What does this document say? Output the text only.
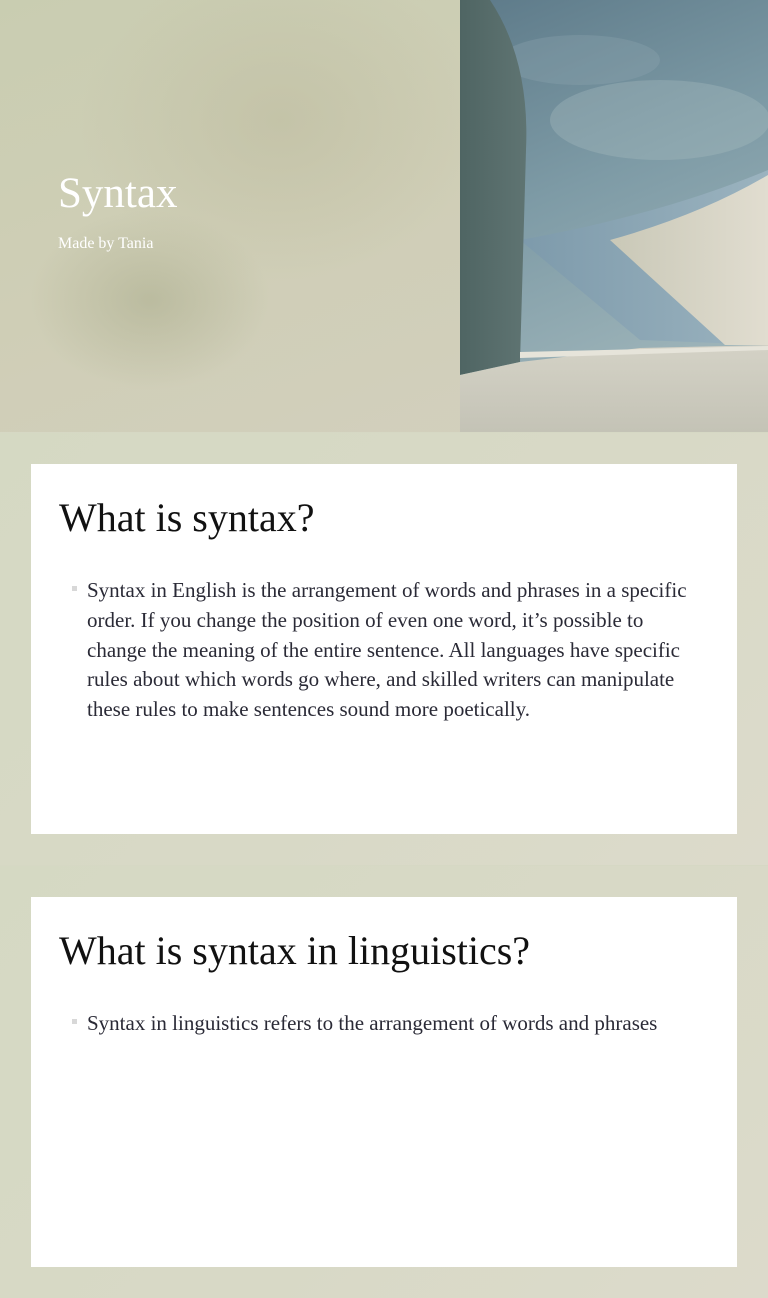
Syntax
Made by Tania
What is syntax?

Syntax in English is the arrangement of words and phrases in a specific order. If you change the position of even one word, it’s possible to change the meaning of the entire sentence. All languages have specific rules about which words go where, and skilled writers can manipulate these rules to make sentences sound more poetically.

What is syntax in linguistics?

Syntax in linguistics refers to the arrangement of words and phrases
